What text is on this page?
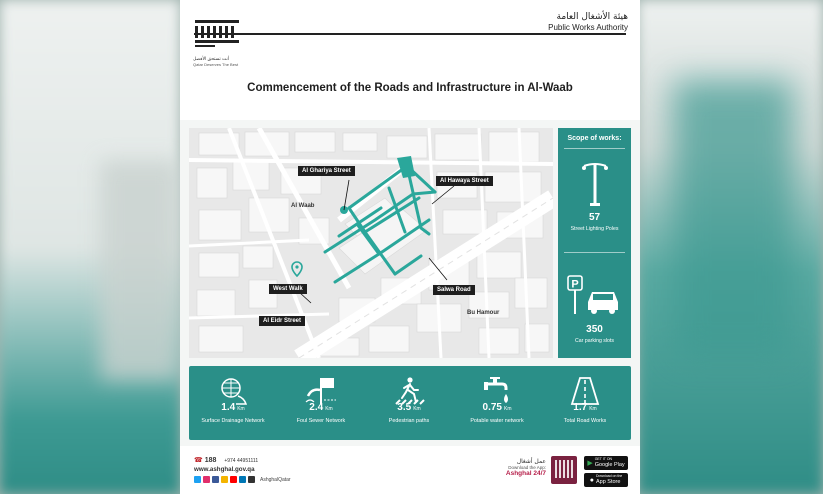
أنت تستحق الأفضل
Qatar Deserves The Best
هيئة الأشغال العامة
Public Works Authority
Commencement of the Roads and Infrastructure in Al-Waab
Al Ghariya Street
Al Hawaya Street
Al Waab
West Walk	Salwa Road
Al Eidr Street
Bu Hamour
Scope of works:
57
Street Lighting Poles
P
350
Car parking slots
1.4 Km
Surface Drainage Network
2.4 Km
Foul Sewer Network
3.5 Km
Pedestrian paths
0.75 Km
Potable water network
1.7 Km
Total Road Works
☎ 188 +974 44951111
www.ashghal.gov.qa
AshghalQatar
عمل أشغال
Download the App:
Ashghal 24/7
▶
GET IT ON
Google Play
●
Download on the
App Store
